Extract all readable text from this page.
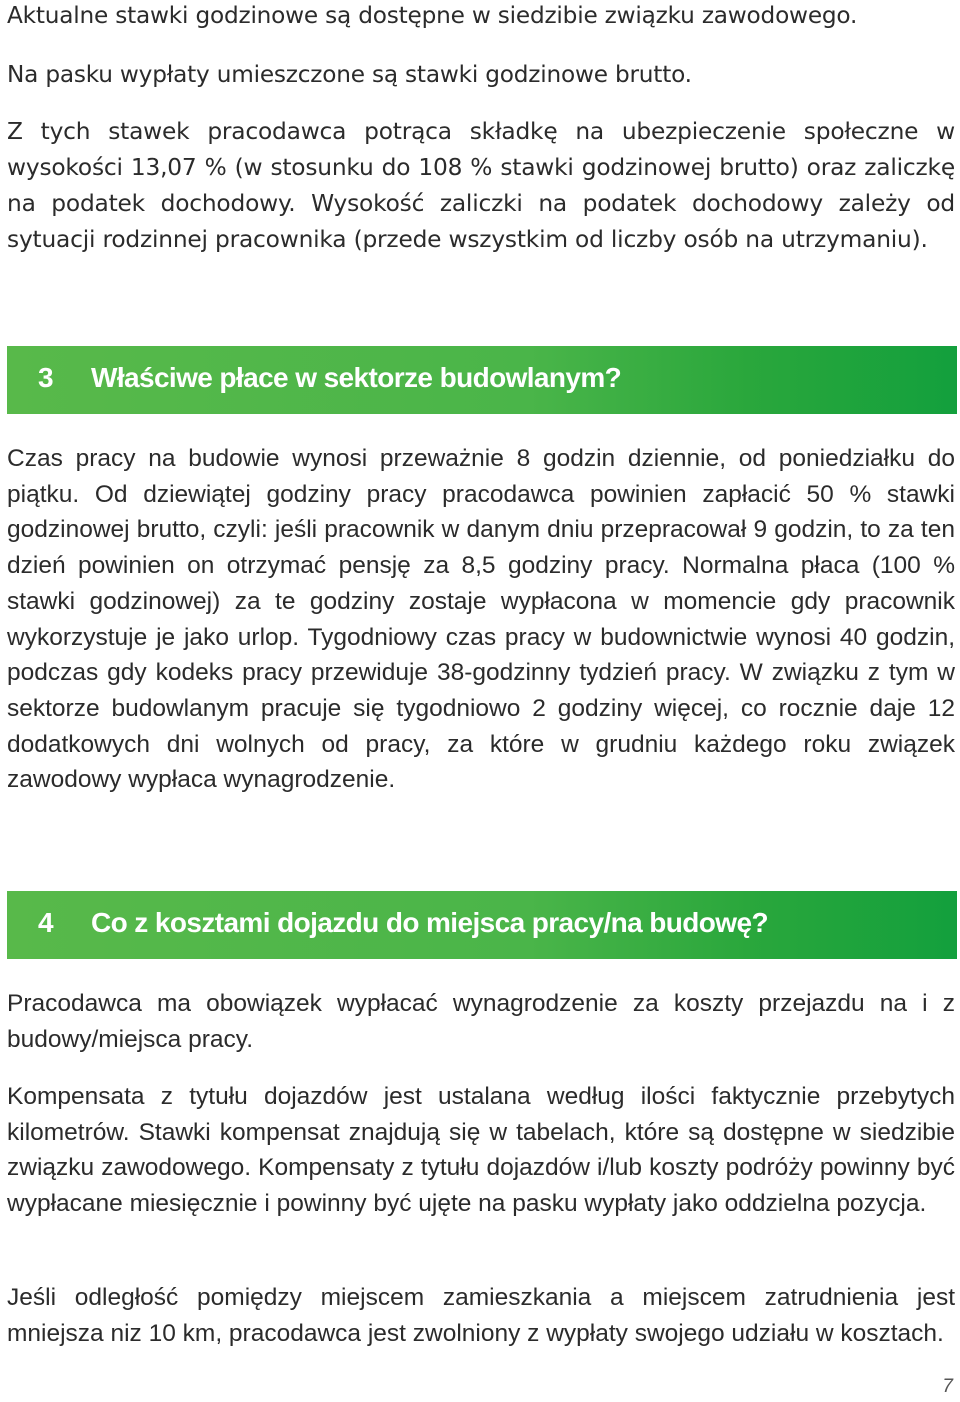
Aktualne stawki godzinowe są dostępne w siedzibie związku zawodowego.

Na pasku wypłaty umieszczone są stawki godzinowe brutto.

Z tych stawek pracodawca potrąca składkę na ubezpieczenie społeczne w wysokości 13,07 % (w stosunku do 108 % stawki godzinowej brutto) oraz zaliczkę na podatek dochodowy. Wysokość zaliczki na podatek dochodowy zależy od sytuacji rodzinnej pracownika (przede wszystkim od liczby osób na utrzymaniu).

3 Właściwe płace w sektorze budowlanym?

Czas pracy na budowie wynosi przeważnie 8 godzin dziennie, od poniedziałku do piątku. Od dziewiątej godziny pracy pracodawca powinien zapłacić 50 % stawki godzinowej brutto, czyli: jeśli pracownik w danym dniu przepracował 9 godzin, to za ten dzień powinien on otrzymać pensję za 8,5 godziny pracy. Normalna płaca (100 % stawki godzinowej) za te godziny zostaje wypłacona w momencie gdy pracownik wykorzystuje je jako urlop. Tygodniowy czas pracy w budownictwie wynosi 40 godzin, podczas gdy kodeks pracy przewiduje 38-godzinny tydzień pracy. W związku z tym w sektorze budowlanym pracuje się tygodniowo 2 godziny więcej, co rocznie daje 12 dodatkowych dni wolnych od pracy, za które w grudniu każdego roku związek zawodowy wypłaca wynagrodzenie.

4 Co z kosztami dojazdu do miejsca pracy/na budowę?

Pracodawca ma obowiązek wypłacać wynagrodzenie za koszty przejazdu na i z budowy/miejsca pracy.

Kompensata z tytułu dojazdów jest ustalana według ilości faktycznie przebytych kilometrów. Stawki kompensat znajdują się w tabelach, które są dostępne w siedzibie związku zawodowego. Kompensaty z tytułu dojazdów i/lub koszty podróży powinny być wypłacane miesięcznie i powinny być ujęte na pasku wypłaty jako oddzielna pozycja.

Jeśli odległość pomiędzy miejscem zamieszkania a miejscem zatrudnienia jest mniejsza niz 10 km, pracodawca jest zwolniony z wypłaty swojego udziału w kosztach.

7
